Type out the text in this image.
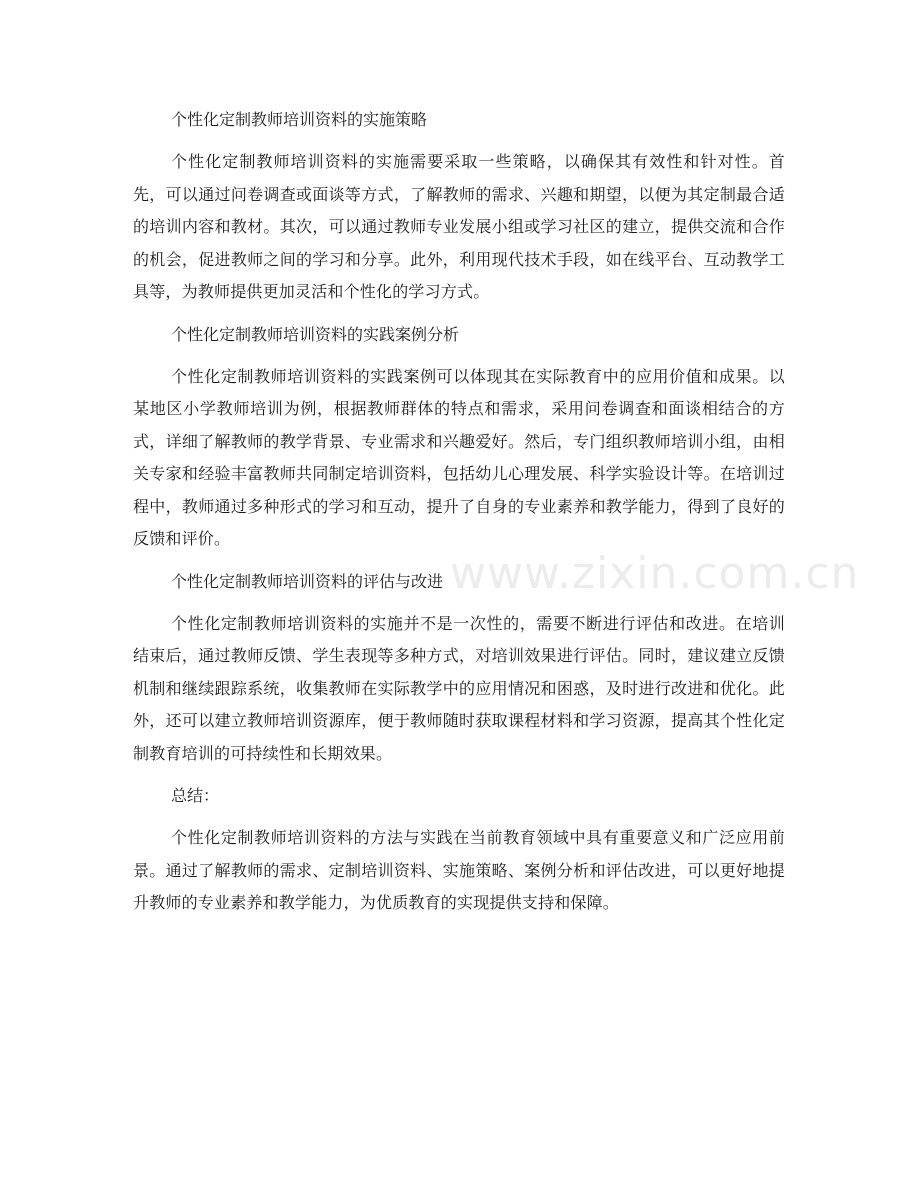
个性化定制教师培训资料的实施策略

个性化定制教师培训资料的实施需要采取一些策略，以确保其有效性和针对性。首先，可以通过问卷调查或面谈等方式，了解教师的需求、兴趣和期望，以便为其定制最合适的培训内容和教材。其次，可以通过教师专业发展小组或学习社区的建立，提供交流和合作的机会，促进教师之间的学习和分享。此外，利用现代技术手段，如在线平台、互动教学工具等，为教师提供更加灵活和个性化的学习方式。

个性化定制教师培训资料的实践案例分析

个性化定制教师培训资料的实践案例可以体现其在实际教育中的应用价值和成果。以某地区小学教师培训为例，根据教师群体的特点和需求，采用问卷调查和面谈相结合的方式，详细了解教师的教学背景、专业需求和兴趣爱好。然后，专门组织教师培训小组，由相关专家和经验丰富教师共同制定培训资料，包括幼儿心理发展、科学实验设计等。在培训过程中，教师通过多种形式的学习和互动，提升了自身的专业素养和教学能力，得到了良好的反馈和评价。

个性化定制教师培训资料的评估与改进

个性化定制教师培训资料的实施并不是一次性的，需要不断进行评估和改进。在培训结束后，通过教师反馈、学生表现等多种方式，对培训效果进行评估。同时，建议建立反馈机制和继续跟踪系统，收集教师在实际教学中的应用情况和困惑，及时进行改进和优化。此外，还可以建立教师培训资源库，便于教师随时获取课程材料和学习资源，提高其个性化定制教育培训的可持续性和长期效果。

总结：

个性化定制教师培训资料的方法与实践在当前教育领域中具有重要意义和广泛应用前景。通过了解教师的需求、定制培训资料、实施策略、案例分析和评估改进，可以更好地提升教师的专业素养和教学能力，为优质教育的实现提供支持和保障。

www.zixin.com.cn
